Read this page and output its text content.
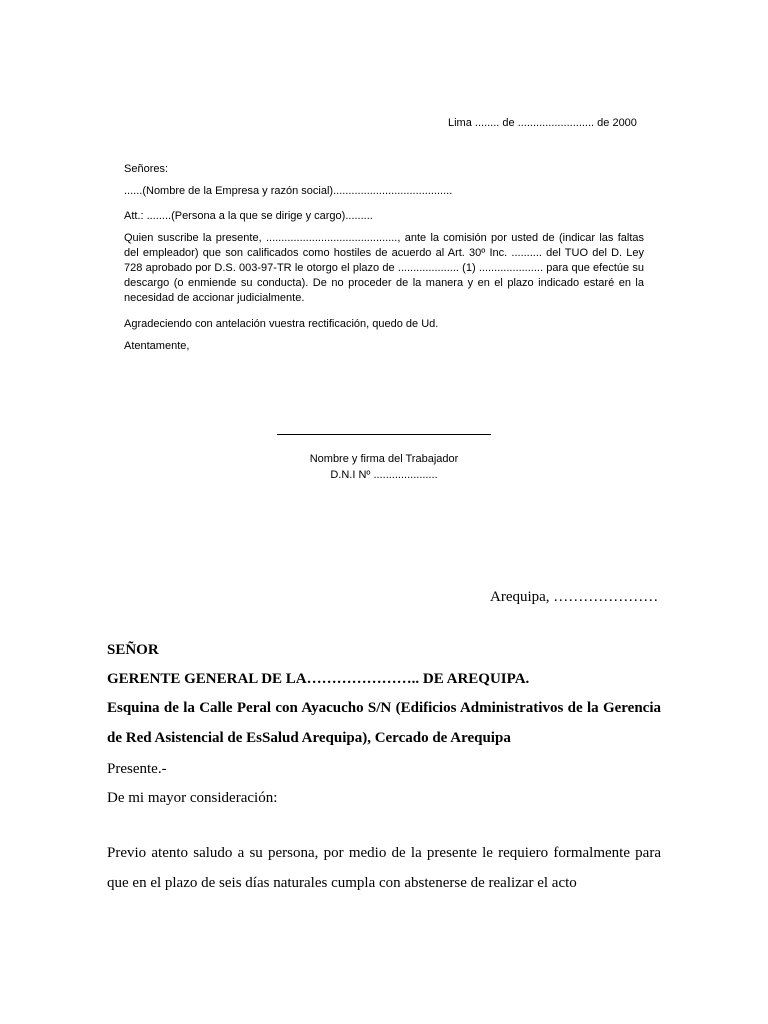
Lima ........ de ......................... de 2000
Señores:
......(Nombre de la Empresa y razón social).......................................
Att.: ........(Persona a la que se dirige y cargo).........
Quien suscribe la presente, ..........................................., ante la comisión por usted de (indicar las faltas del empleador) que son calificados como hostiles de acuerdo al Art. 30º Inc. .......... del TUO del D. Ley 728 aprobado por D.S. 003-97-TR le otorgo el plazo de .................... (1) ..................... para que efectúe su descargo (o enmiende su conducta). De no proceder de la manera y en el plazo indicado estaré en la necesidad de accionar judicialmente.
Agradeciendo con antelación vuestra rectificación, quedo de Ud.
Atentamente,
Nombre y firma del Trabajador
D.N.I Nº .....................
Arequipa, …………………
SEÑOR
GERENTE GENERAL DE LA………………….. DE AREQUIPA.
Esquina de la Calle Peral con Ayacucho S/N (Edificios Administrativos de la Gerencia de Red Asistencial de EsSalud Arequipa), Cercado de Arequipa
Presente.-
De mi mayor consideración:
Previo atento saludo a su persona, por medio de la presente le requiero formalmente para que en el plazo de seis días naturales cumpla con abstenerse de realizar el acto
